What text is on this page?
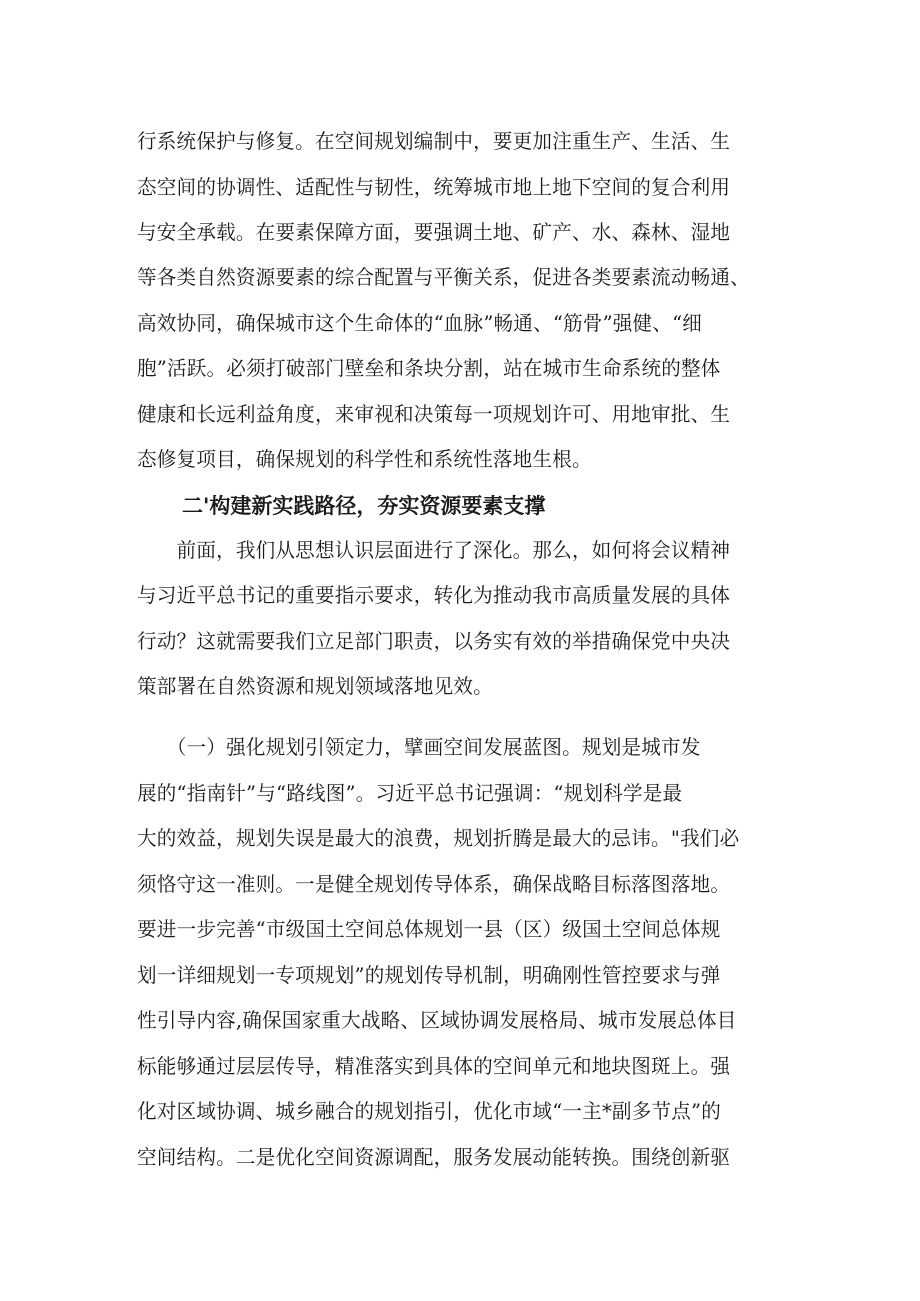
行系统保护与修复。在空间规划编制中，要更加注重生产、生活、生
态空间的协调性、适配性与韧性，统筹城市地上地下空间的复合利用
与安全承载。在要素保障方面，要强调土地、矿产、水、森林、湿地
等各类自然资源要素的综合配置与平衡关系，促进各类要素流动畅通、
高效协同，确保城市这个生命体的“血脉”畅通、“筋骨”强健、“细
胞”活跃。必须打破部门壁垒和条块分割，站在城市生命系统的整体
健康和长远利益角度，来审视和决策每一项规划许可、用地审批、生
态修复项目，确保规划的科学性和系统性落地生根。
二'构建新实践路径，夯实资源要素支撑
　　前面，我们从思想认识层面进行了深化。那么，如何将会议精神
与习近平总书记的重要指示要求，转化为推动我市高质量发展的具体
行动？这就需要我们立足部门职责，以务实有效的举措确保党中央决
策部署在自然资源和规划领域落地见效。
　　（一）强化规划引领定力，擘画空间发展蓝图。规划是城市发
展的“指南针”与“路线图”。习近平总书记强调：“规划科学是最
大的效益，规划失误是最大的浪费，规划折腾是最大的忌讳。"我们必
须恪守这一准则。一是健全规划传导体系，确保战略目标落图落地。
要进一步完善“市级国土空间总体规划一县（区）级国土空间总体规
划一详细规划一专项规划”的规划传导机制，明确刚性管控要求与弹
性引导内容,确保国家重大战略、区域协调发展格局、城市发展总体目
标能够通过层层传导，精准落实到具体的空间单元和地块图斑上。强
化对区域协调、城乡融合的规划指引，优化市域“一主*副多节点”的
空间结构。二是优化空间资源调配，服务发展动能转换。围绕创新驱
